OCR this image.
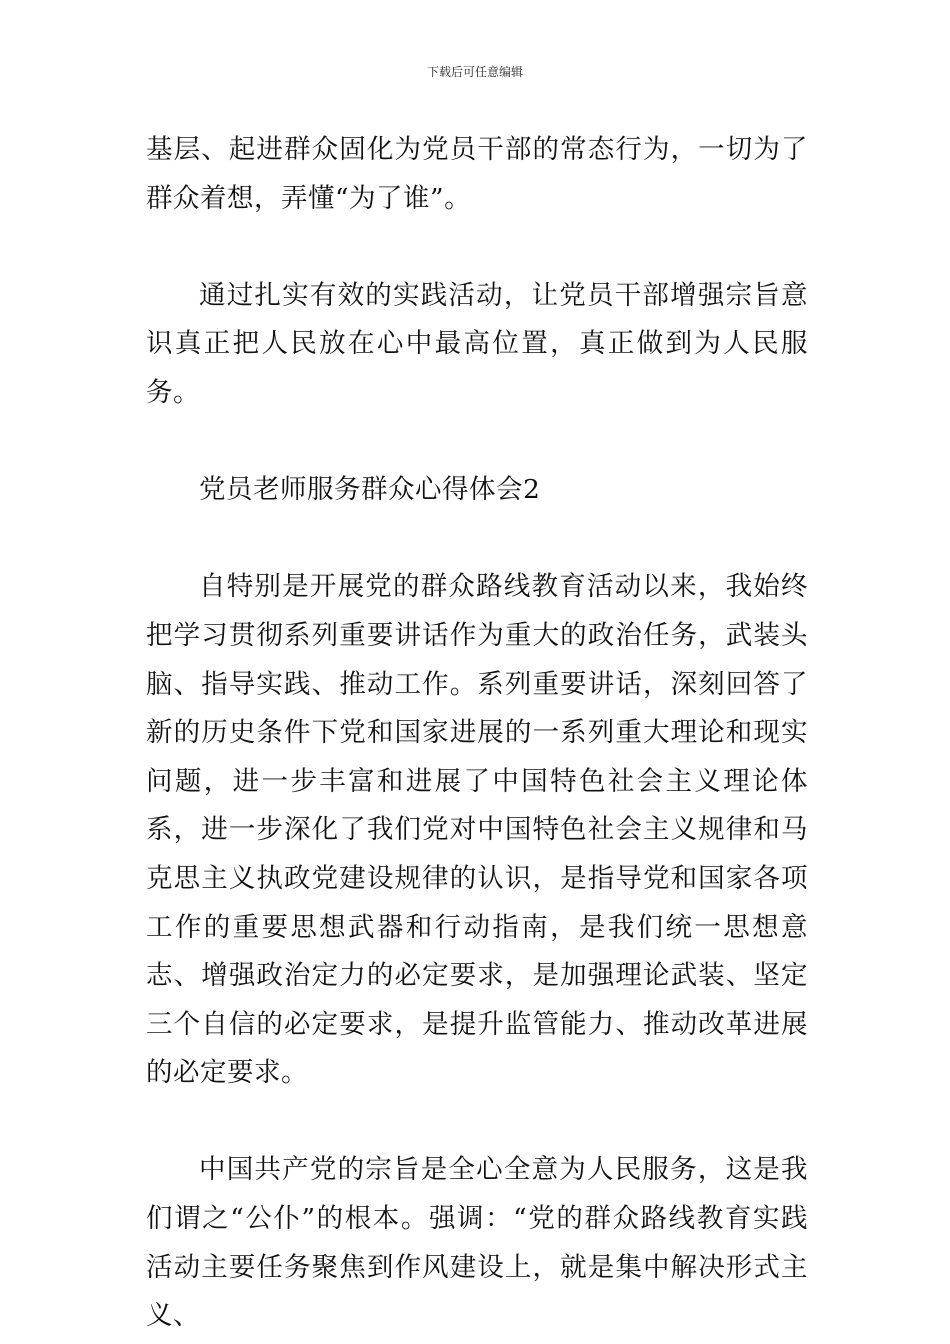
下载后可任意编辑

基层、起进群众固化为党员干部的常态行为，一切为了群众着想，弄懂“为了谁”。

通过扎实有效的实践活动，让党员干部增强宗旨意识真正把人民放在心中最高位置，真正做到为人民服务。

党员老师服务群众心得体会2

自特别是开展党的群众路线教育活动以来，我始终把学习贯彻系列重要讲话作为重大的政治任务，武装头脑、指导实践、推动工作。系列重要讲话，深刻回答了新的历史条件下党和国家进展的一系列重大理论和现实问题，进一步丰富和进展了中国特色社会主义理论体系，进一步深化了我们党对中国特色社会主义规律和马克思主义执政党建设规律的认识，是指导党和国家各项工作的重要思想武器和行动指南，是我们统一思想意志、增强政治定力的必定要求，是加强理论武装、坚定三个自信的必定要求，是提升监管能力、推动改革进展的必定要求。

中国共产党的宗旨是全心全意为人民服务，这是我们谓之“公仆”的根本。强调：“党的群众路线教育实践活动主要任务聚焦到作风建设上，就是集中解决形式主义、
